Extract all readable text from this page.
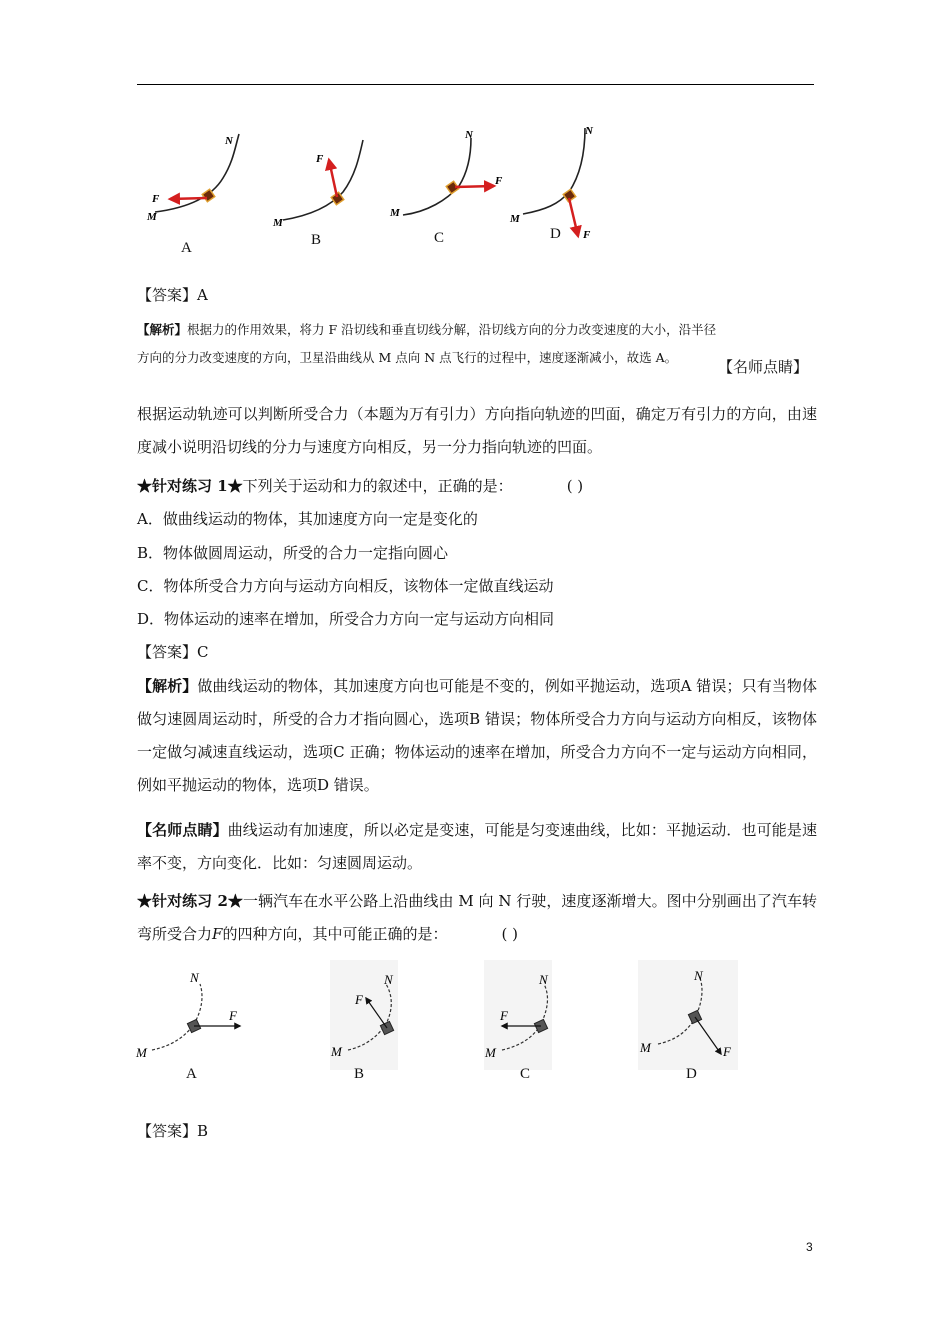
N
F
M
F
M
N
F
M
N
F
M
A	B	C	D
【答案】A
【解析】根据力的作用效果，将力 F 沿切线和垂直切线分解，沿切线方向的分力改变速度的大小，沿半径
方向的分力改变速度的方向，卫星沿曲线从 M 点向 N 点飞行的过程中，速度逐渐减小，故选 A。
【名师点睛】
根据运动轨迹可以判断所受合力（本题为万有引力）方向指向轨迹的凹面，确定万有引力的方向，由速度减小说明沿切线的分力与速度方向相反，另一分力指向轨迹的凹面。
★针对练习 1★下列关于运动和力的叙述中，正确的是：	( )
A．做曲线运动的物体，其加速度方向一定是变化的
B．物体做圆周运动，所受的合力一定指向圆心
C．物体所受合力方向与运动方向相反，该物体一定做直线运动
D．物体运动的速率在增加，所受合力方向一定与运动方向相同
【答案】C
【解析】做曲线运动的物体，其加速度方向也可能是不变的，例如平抛运动，选项A 错误；只有当物体做匀速圆周运动时，所受的合力才指向圆心，选项B 错误；物体所受合力方向与运动方向相反，该物体一定做匀减速直线运动，选项C 正确；物体运动的速率在增加，所受合力方向不一定与运动方向相同，例如平抛运动的物体，选项D 错误。
【名师点睛】曲线运动有加速度，所以必定是变速，可能是匀变速曲线，比如：平抛运动．也可能是速率不变，方向变化．比如：匀速圆周运动。
★针对练习 2★一辆汽车在水平公路上沿曲线由 M 向 N 行驶，速度逐渐增大。图中分别画出了汽车转弯所受合力F的四种方向，其中可能正确的是：	( )
N
F
M
N
F
M
N
F
M
N
F
M
A	B	C	D
【答案】B
3
